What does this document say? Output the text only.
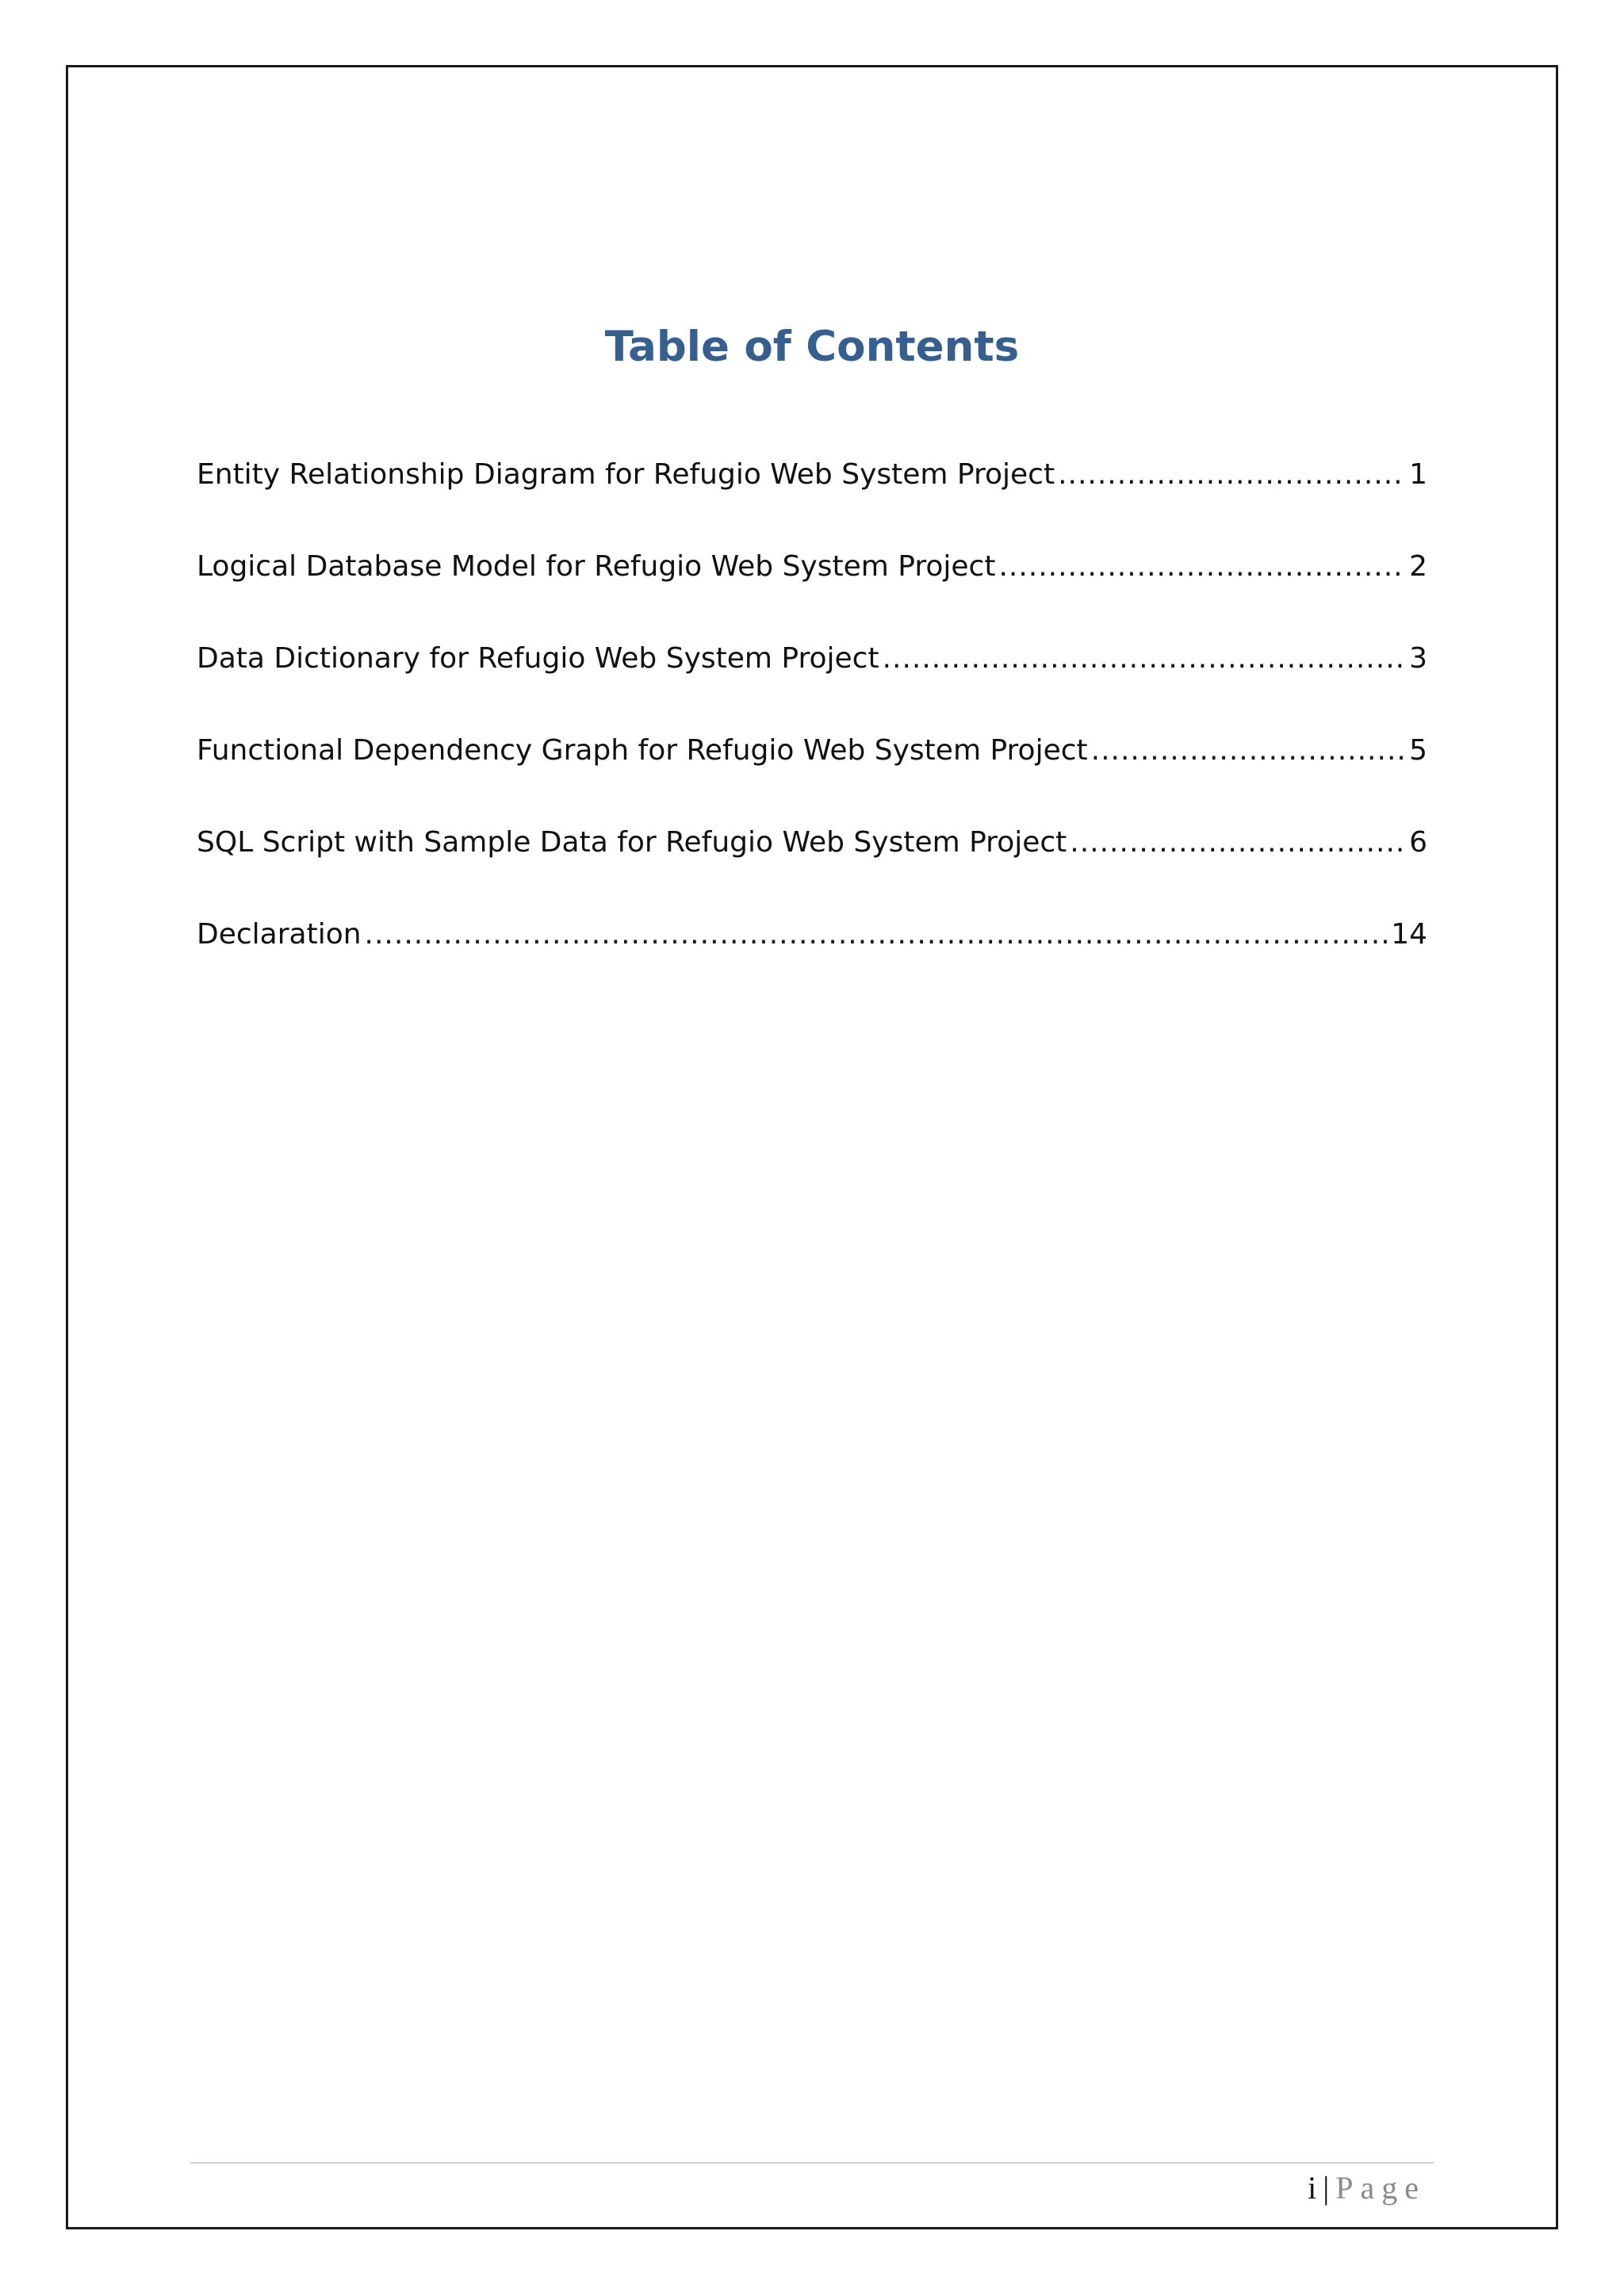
Table of Contents
Entity Relationship Diagram for Refugio Web System Project .....	1
Logical Database Model for Refugio Web System Project .....	2
Data Dictionary for Refugio Web System Project .....	3
Functional Dependency Graph for Refugio Web System Project .....	5
SQL Script with Sample Data for Refugio Web System Project .....	6
Declaration .....	14
i | Page
